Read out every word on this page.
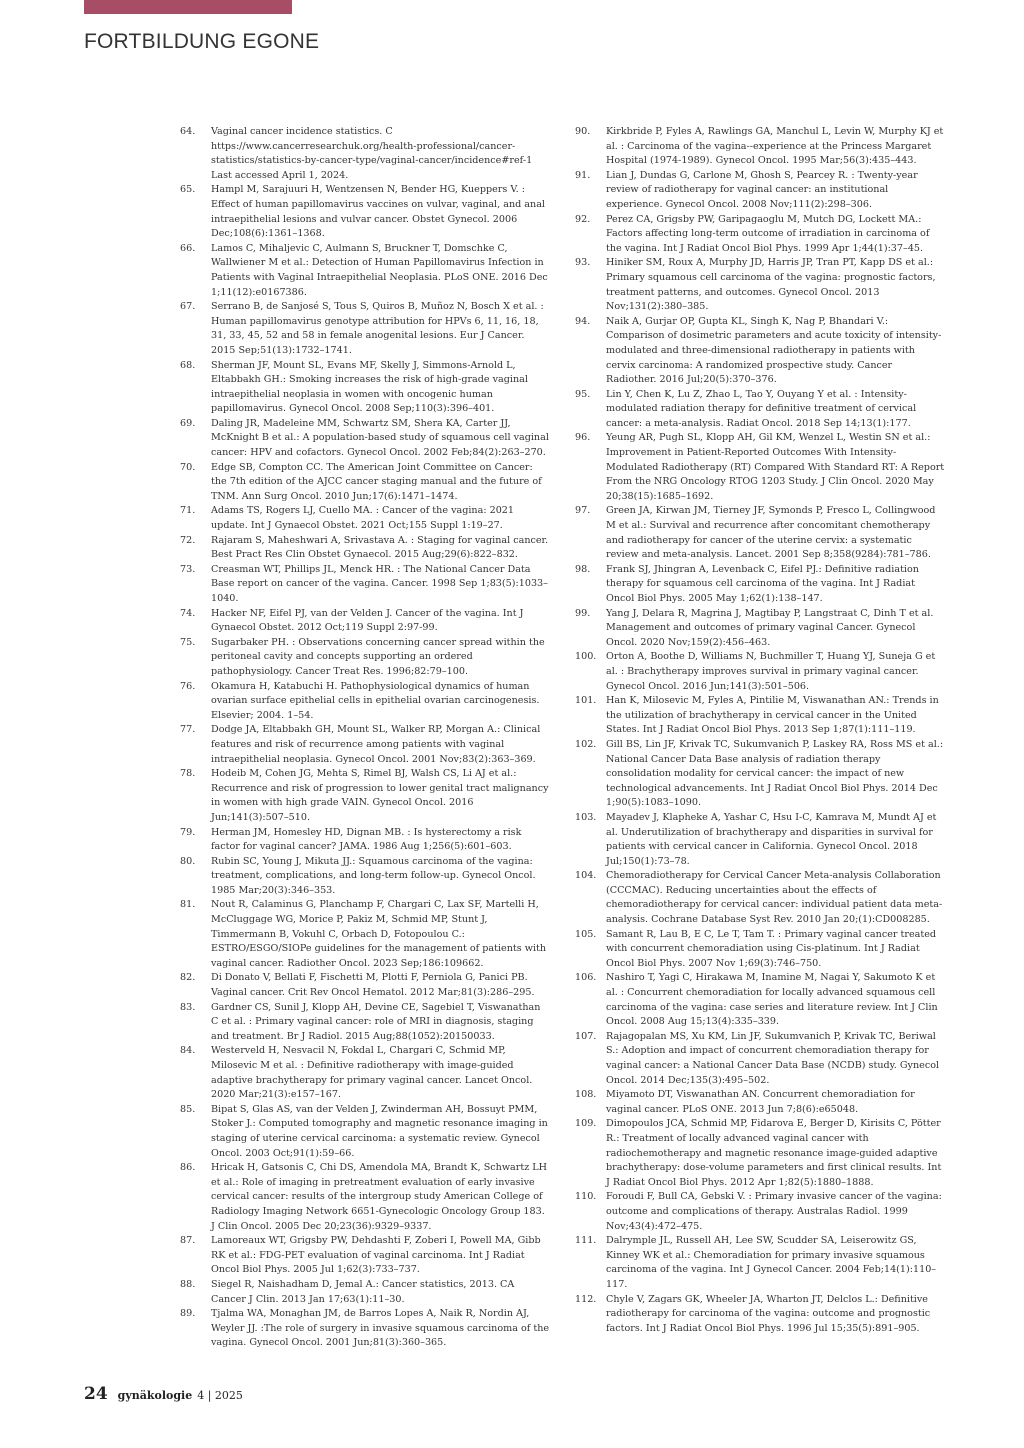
FORTBILDUNG EGONE
64.	Vaginal cancer incidence statistics. C https://www.cancerresearchuk.org/health-professional/cancer-statistics/statistics-by-cancer-type/vaginal-cancer/incidence#ref-1 Last accessed April 1, 2024.
65.	Hampl M, Sarajuuri H, Wentzensen N, Bender HG, Kueppers V. : Effect of human papillomavirus vaccines on vulvar, vaginal, and anal intraepithelial lesions and vulvar cancer. Obstet Gynecol. 2006 Dec;108(6):1361–1368.
66.	Lamos C, Mihaljevic C, Aulmann S, Bruckner T, Domschke C, Wallwiener M et al.: Detection of Human Papillomavirus Infection in Patients with Vaginal Intraepithelial Neoplasia. PLoS ONE. 2016 Dec 1;11(12):e0167386.
67.	Serrano B, de Sanjosé S, Tous S, Quiros B, Muñoz N, Bosch X et al. : Human papillomavirus genotype attribution for HPVs 6, 11, 16, 18, 31, 33, 45, 52 and 58 in female anogenital lesions. Eur J Cancer. 2015 Sep;51(13):1732–1741.
68.	Sherman JF, Mount SL, Evans MF, Skelly J, Simmons-Arnold L, Eltabbakh GH.: Smoking increases the risk of high-grade vaginal intraepithelial neoplasia in women with oncogenic human papillomavirus. Gynecol Oncol. 2008 Sep;110(3):396–401.
69.	Daling JR, Madeleine MM, Schwartz SM, Shera KA, Carter JJ, McKnight B et al.: A population-based study of squamous cell vaginal cancer: HPV and cofactors. Gynecol Oncol. 2002 Feb;84(2):263–270.
70.	Edge SB, Compton CC. The American Joint Committee on Cancer: the 7th edition of the AJCC cancer staging manual and the future of TNM. Ann Surg Oncol. 2010 Jun;17(6):1471–1474.
71.	Adams TS, Rogers LJ, Cuello MA. : Cancer of the vagina: 2021 update. Int J Gynaecol Obstet. 2021 Oct;155 Suppl 1:19–27.
72.	Rajaram S, Maheshwari A, Srivastava A. : Staging for vaginal cancer. Best Pract Res Clin Obstet Gynaecol. 2015 Aug;29(6):822–832.
73.	Creasman WT, Phillips JL, Menck HR. : The National Cancer Data Base report on cancer of the vagina. Cancer. 1998 Sep 1;83(5):1033–1040.
74.	Hacker NF, Eifel PJ, van der Velden J. Cancer of the vagina. Int J Gynaecol Obstet. 2012 Oct;119 Suppl 2:97-99.
75.	Sugarbaker PH. : Observations concerning cancer spread within the peritoneal cavity and concepts supporting an ordered pathophysiology. Cancer Treat Res. 1996;82:79–100.
76.	Okamura H, Katabuchi H. Pathophysiological dynamics of human ovarian surface epithelial cells in epithelial ovarian carcinogenesis. Elsevier; 2004. 1–54.
77.	Dodge JA, Eltabbakh GH, Mount SL, Walker RP, Morgan A.: Clinical features and risk of recurrence among patients with vaginal intraepithelial neoplasia. Gynecol Oncol. 2001 Nov;83(2):363–369.
78.	Hodeib M, Cohen JG, Mehta S, Rimel BJ, Walsh CS, Li AJ et al.: Recurrence and risk of progression to lower genital tract malignancy in women with high grade VAIN. Gynecol Oncol. 2016 Jun;141(3):507–510.
79.	Herman JM, Homesley HD, Dignan MB. : Is hysterectomy a risk factor for vaginal cancer? JAMA. 1986 Aug 1;256(5):601–603.
80.	Rubin SC, Young J, Mikuta JJ.: Squamous carcinoma of the vagina: treatment, complications, and long-term follow-up. Gynecol Oncol. 1985 Mar;20(3):346–353.
81.	Nout R, Calaminus G, Planchamp F, Chargari C, Lax SF, Martelli H, McCluggage WG, Morice P, Pakiz M, Schmid MP, Stunt J, Timmermann B, Vokuhl C, Orbach D, Fotopoulou C.: ESTRO/ESGO/SIOPe guidelines for the management of patients with vaginal cancer. Radiother Oncol. 2023 Sep;186:109662.
82.	Di Donato V, Bellati F, Fischetti M, Plotti F, Perniola G, Panici PB. Vaginal cancer. Crit Rev Oncol Hematol. 2012 Mar;81(3):286–295.
83.	Gardner CS, Sunil J, Klopp AH, Devine CE, Sagebiel T, Viswanathan C et al. : Primary vaginal cancer: role of MRI in diagnosis, staging and treatment. Br J Radiol. 2015 Aug;88(1052):20150033.
84.	Westerveld H, Nesvacil N, Fokdal L, Chargari C, Schmid MP, Milosevic M et al. : Definitive radiotherapy with image-guided adaptive brachytherapy for primary vaginal cancer. Lancet Oncol. 2020 Mar;21(3):e157–167.
85.	Bipat S, Glas AS, van der Velden J, Zwinderman AH, Bossuyt PMM, Stoker J.: Computed tomography and magnetic resonance imaging in staging of uterine cervical carcinoma: a systematic review. Gynecol Oncol. 2003 Oct;91(1):59–66.
86.	Hricak H, Gatsonis C, Chi DS, Amendola MA, Brandt K, Schwartz LH et al.: Role of imaging in pretreatment evaluation of early invasive cervical cancer: results of the intergroup study American College of Radiology Imaging Network 6651-Gynecologic Oncology Group 183. J Clin Oncol. 2005 Dec 20;23(36):9329–9337.
87.	Lamoreaux WT, Grigsby PW, Dehdashti F, Zoberi I, Powell MA, Gibb RK et al.: FDG-PET evaluation of vaginal carcinoma. Int J Radiat Oncol Biol Phys. 2005 Jul 1;62(3):733–737.
88.	Siegel R, Naishadham D, Jemal A.: Cancer statistics, 2013. CA Cancer J Clin. 2013 Jan 17;63(1):11–30.
89.	Tjalma WA, Monaghan JM, de Barros Lopes A, Naik R, Nordin AJ, Weyler JJ. :The role of surgery in invasive squamous carcinoma of the vagina. Gynecol Oncol. 2001 Jun;81(3):360–365.
90.	Kirkbride P, Fyles A, Rawlings GA, Manchul L, Levin W, Murphy KJ et al. : Carcinoma of the vagina--experience at the Princess Margaret Hospital (1974-1989). Gynecol Oncol. 1995 Mar;56(3):435–443.
91.	Lian J, Dundas G, Carlone M, Ghosh S, Pearcey R. : Twenty-year review of radiotherapy for vaginal cancer: an institutional experience. Gynecol Oncol. 2008 Nov;111(2):298–306.
92.	Perez CA, Grigsby PW, Garipagaoglu M, Mutch DG, Lockett MA.: Factors affecting long-term outcome of irradiation in carcinoma of the vagina. Int J Radiat Oncol Biol Phys. 1999 Apr 1;44(1):37–45.
93.	Hiniker SM, Roux A, Murphy JD, Harris JP, Tran PT, Kapp DS et al.: Primary squamous cell carcinoma of the vagina: prognostic factors, treatment patterns, and outcomes. Gynecol Oncol. 2013 Nov;131(2):380–385.
94.	Naik A, Gurjar OP, Gupta KL, Singh K, Nag P, Bhandari V.: Comparison of dosimetric parameters and acute toxicity of intensity-modulated and three-dimensional radiotherapy in patients with cervix carcinoma: A randomized prospective study. Cancer Radiother. 2016 Jul;20(5):370–376.
95.	Lin Y, Chen K, Lu Z, Zhao L, Tao Y, Ouyang Y et al. : Intensity-modulated radiation therapy for definitive treatment of cervical cancer: a meta-analysis. Radiat Oncol. 2018 Sep 14;13(1):177.
96.	Yeung AR, Pugh SL, Klopp AH, Gil KM, Wenzel L, Westin SN et al.: Improvement in Patient-Reported Outcomes With Intensity-Modulated Radiotherapy (RT) Compared With Standard RT: A Report From the NRG Oncology RTOG 1203 Study. J Clin Oncol. 2020 May 20;38(15):1685–1692.
97.	Green JA, Kirwan JM, Tierney JF, Symonds P, Fresco L, Collingwood M et al.: Survival and recurrence after concomitant chemotherapy and radiotherapy for cancer of the uterine cervix: a systematic review and meta-analysis. Lancet. 2001 Sep 8;358(9284):781–786.
98.	Frank SJ, Jhingran A, Levenback C, Eifel PJ.: Definitive radiation therapy for squamous cell carcinoma of the vagina. Int J Radiat Oncol Biol Phys. 2005 May 1;62(1):138–147.
99.	Yang J, Delara R, Magrina J, Magtibay P, Langstraat C, Dinh T et al. Management and outcomes of primary vaginal Cancer. Gynecol Oncol. 2020 Nov;159(2):456–463.
100.	Orton A, Boothe D, Williams N, Buchmiller T, Huang YJ, Suneja G et al. : Brachytherapy improves survival in primary vaginal cancer. Gynecol Oncol. 2016 Jun;141(3):501–506.
101.	Han K, Milosevic M, Fyles A, Pintilie M, Viswanathan AN.: Trends in the utilization of brachytherapy in cervical cancer in the United States. Int J Radiat Oncol Biol Phys. 2013 Sep 1;87(1):111–119.
102.	Gill BS, Lin JF, Krivak TC, Sukumvanich P, Laskey RA, Ross MS et al.: National Cancer Data Base analysis of radiation therapy consolidation modality for cervical cancer: the impact of new technological advancements. Int J Radiat Oncol Biol Phys. 2014 Dec 1;90(5):1083–1090.
103.	Mayadev J, Klapheke A, Yashar C, Hsu I-C, Kamrava M, Mundt AJ et al. Underutilization of brachytherapy and disparities in survival for patients with cervical cancer in California. Gynecol Oncol. 2018 Jul;150(1):73–78.
104.	Chemoradiotherapy for Cervical Cancer Meta-analysis Collaboration (CCCMAC). Reducing uncertainties about the effects of chemoradiotherapy for cervical cancer: individual patient data meta-analysis. Cochrane Database Syst Rev. 2010 Jan 20;(1):CD008285.
105.	Samant R, Lau B, E C, Le T, Tam T. : Primary vaginal cancer treated with concurrent chemoradiation using Cis-platinum. Int J Radiat Oncol Biol Phys. 2007 Nov 1;69(3):746–750.
106.	Nashiro T, Yagi C, Hirakawa M, Inamine M, Nagai Y, Sakumoto K et al. : Concurrent chemoradiation for locally advanced squamous cell carcinoma of the vagina: case series and literature review. Int J Clin Oncol. 2008 Aug 15;13(4):335–339.
107.	Rajagopalan MS, Xu KM, Lin JF, Sukumvanich P, Krivak TC, Beriwal S.: Adoption and impact of concurrent chemoradiation therapy for vaginal cancer: a National Cancer Data Base (NCDB) study. Gynecol Oncol. 2014 Dec;135(3):495–502.
108.	Miyamoto DT, Viswanathan AN. Concurrent chemoradiation for vaginal cancer. PLoS ONE. 2013 Jun 7;8(6):e65048.
109.	Dimopoulos JCA, Schmid MP, Fidarova E, Berger D, Kirisits C, Pötter R.: Treatment of locally advanced vaginal cancer with radiochemotherapy and magnetic resonance image-guided adaptive brachytherapy: dose-volume parameters and first clinical results. Int J Radiat Oncol Biol Phys. 2012 Apr 1;82(5):1880–1888.
110.	Foroudi F, Bull CA, Gebski V. : Primary invasive cancer of the vagina: outcome and complications of therapy. Australas Radiol. 1999 Nov;43(4):472–475.
111.	Dalrymple JL, Russell AH, Lee SW, Scudder SA, Leiserowitz GS, Kinney WK et al.: Chemoradiation for primary invasive squamous carcinoma of the vagina. Int J Gynecol Cancer. 2004 Feb;14(1):110–117.
112.	Chyle V, Zagars GK, Wheeler JA, Wharton JT, Delclos L.: Definitive radiotherapy for carcinoma of the vagina: outcome and prognostic factors. Int J Radiat Oncol Biol Phys. 1996 Jul 15;35(5):891–905.
24 gynäkologie 4 | 2025
